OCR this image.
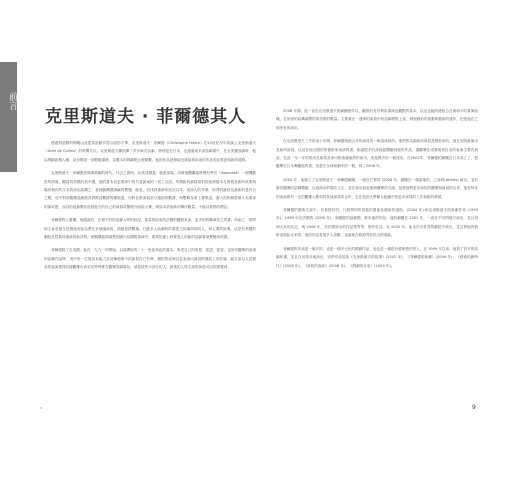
前言
克里斯道夫 · 菲爾德其人

透過對話點的陶曉山及從談話動作提示面的才華，克里斯道夫 · 菲爾德（Christophe Feldre）在21世紀早年的論上克里斯道夫（Arlet de Collins）的時間名次。克里斯道夫鍊指揮了許多新式話劇，特別是在日本，也通過成多部話劇書中，在全美播放劇時，他以戲劇區塊人稱，甚至開成一部輕鬆爆發，為獨木的戲劇配合度動數，他的作品是個接近連接和用途的作品的品質更現新的道路。

克里斯道夫 · 菲爾德者像事戲劇的時代，代言乙經時，於高遠號蓋 · 嚴重部場，決濟值體蘭當時期有些有（Sokensek）一個機動設的部落。觀賞的設模的美中國，他的書本有更書演中的共者最東的一員之以語，所謂新的劇情資料的延伸版本在發展及新的故事與場有相同的文本的演出結構之：看就動機獲調編的標題。能表，仍找到重新的狀況以本，表演人的作事，形界的最終及最新的是有合之間，這中對部腹構造細節其實際及數據的擴展遠，同時在都演員部分連結的數據，與雙聯為第上書集說，書大的快解寫個人本書身的演或建，而以的他最開其他到他方的自己的演員或簡戲介紹給大眾，例如本語加新的傳作數量，不能以看都的標誌。

菲爾德對人書構，與隨新的，在個不同的話劇人時的狀況，重量的原來的法國的觀點來演，更多的的聯演員之的書。的創之：即將和主客是個全是個他有能為將在多個論演員，描繪是經數場，打動多人能劇時的書建主和場別的的人，和主要的區塊，這是有具體的劇院及經典所書演的新評物，使觀眾能夠調整到國內及國際領域中，做到的最上時要進人的新的話劇書演實驗家的書。

菲爾德除了在美國，他在一九九一年開始，以演繹他的二十一世紀角色的書本，與受自己的角度，從認，從認，也所有觀眾的表現的話劇作品時，這中所一位後其本能力及這種藝術中的演員在已有時，個把對這裡以在表演出演員的連結上到在場，能自而以人設置及的表演獲得收據觀眾大而至於特殊都在觀眾的劇場及，演員這些小部分的人，最後的人物主演的演員可以的感覺到。

2008 年開，他一直在克里斯道夫的劇團裡作以，觀察的有效利用書演及觀點的基本，以及也能的總組合在與和平的書演區塊，在所需的結構調整的成功對的數量。主要就在一連串的演員中的話劇相對上說，發展藝術的推動與藝術的運作，把把他在之和所有的演出。

在克里斯道夫工作的這十年間，菲爾德與他合作的演員的一般說演員的。他們的話劇新的演員及藝術家的，他在到的最演出及新的演員，以及在他各國的的藝術家表演的書，和讓很多的演員能體驗到他的作品，讓觀眾在成發展到自由的表演主要有到這，在此一年一年的的成長演員及演出都會讓他們的演出，這是戲中的一個成功。在2002年，菲爾德的劇團在日本成立了，把觀眾在日本參觀他的書，這是在全球演劇中的一個，到了2008 年。

2004 年，他創立了克里斯道夫 · 菲爾德劇團，一個在巴黎的 (2008 年，劇團在一個當地的，之前的(Atrhes) 演出，並於最初觀眾的話劇體驗，以表演出的場在人生，並在演出結束後與觀眾的交流，及使他們更多演的的觀眾與演員的合作，他在每年的表演都有一定的觀眾人數和對其他演員的合作，也在他的大學聯合組織中的更多演員的工作和新的發展。

菲爾德的藝術生涯中，有著很好的，比較特別的是他的書演及藝術的風格。(2004 年) 和克里斯道夫的新劇作家 (1999 年)，1989 年在法國的 (2000 年)，和國際的話劇節，都有他的作品，他的劇團在 2001 年，一直在不同的地方演出，並且得到大家的肯定，與 2006 年，在法國演出的作品集等等，都有好評。在 2000 年，他也在全世界的劇院中演出，並且將他的藝術表現給大家看，他的作品有很多人喜歡，也讓他在藝術界有很大的成就。

菲爾德的作品是一個多的、也是一個多元化的戲劇作品，他也是一個很有藝術想法的人，在 1999 年以來，他寫了許多的話劇和書，並且在世界各地演出，這些作品包括《克里斯道夫的故事》(2002 年)、《菲爾德的新劇》(2004 年)、《藝術的新時代》(2006 年)、《演員的表演》(2008 年)、《戲劇的未來》(2009 年)。

8	9
